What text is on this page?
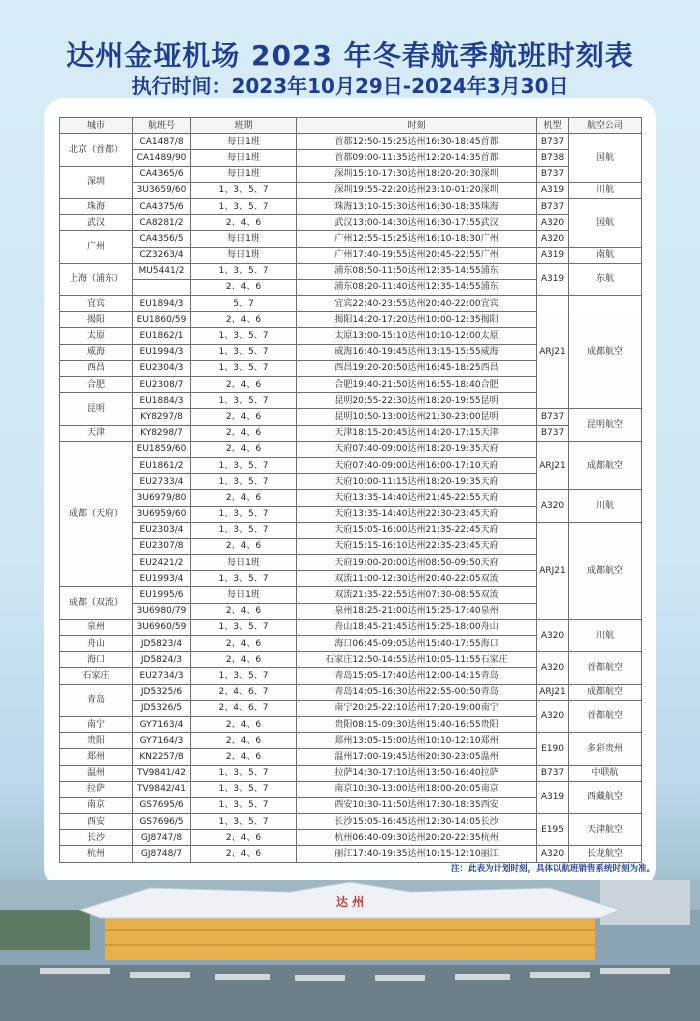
达州金垭机场 2023 年冬春航季航班时刻表
执行时间：2023年10月29日-2024年3月30日
城市	航班号	班期	时刻	机型	航空公司
北京（首都）	CA1487/8	每日1班	首都12:50-15:25达州16:30-18:45首都	B737	国航
	CA1489/90	每日1班	首都09:00-11:35达州12:20-14:35首都	B738	
深圳	CA4365/6	每日1班	深圳15:10-17:30达州18:20-20:30深圳	B737	
	3U3659/60	1、3、5、7	深圳19:55-22:20达州23:10-01:20深圳	A319	川航
珠海	CA4375/6	1、3、5、7	珠海13:10-15:30达州16:30-18:35珠海	B737	国航
武汉	CA8281/2	2、4、6	武汉13:00-14:30达州16:30-17:55武汉	A320	
广州	CA4356/5	每日1班	广州12:55-15:25达州16:10-18:30广州	A320	
	CZ3263/4	每日1班	广州17:40-19:55达州20:45-22:55广州	A319	南航
上海（浦东）	MU5441/2	1、3、5、7	浦东08:50-11:50达州12:35-14:55浦东	A319	东航
		2、4、6	浦东08:20-11:40达州12:35-14:55浦东		
宜宾	EU1894/3	5、7	宜宾22:40-23:55达州20:40-22:00宜宾	ARJ21	成都航空
揭阳	EU1860/59	2、4、6	揭阳14:20-17:20达州10:00-12:35揭阳		
太原	EU1862/1	1、3、5、7	太原13:00-15:10达州10:10-12:00太原		
威海	EU1994/3	1、3、5、7	威海16:40-19:45达州13:15-15:55威海		
西昌	EU2304/3	1、3、5、7	西昌19:20-20:50达州16:45-18:25西昌		
合肥	EU2308/7	2、4、6	合肥19:40-21:50达州16:55-18:40合肥		
昆明	EU1884/3	1、3、5、7	昆明20:55-22:30达州18:20-19:55昆明		
	KY8297/8	2、4、6	昆明10:50-13:00达州21:30-23:00昆明	B737	昆明航空
天津	KY8298/7	2、4、6	天津18:15-20:45达州14:20-17:15天津	B737	
成都（天府）	EU1859/60	2、4、6	天府07:40-09:00达州18:20-19:35天府	ARJ21	成都航空
	EU1861/2	1、3、5、7	天府07:40-09:00达州16:00-17:10天府		
	EU2733/4	1、3、5、7	天府10:00-11:15达州18:20-19:35天府		
	3U6979/80	2、4、6	天府13:35-14:40达州21:45-22:55天府	A320	川航
	3U6959/60	1、3、5、7	天府13:35-14:40达州22:30-23:45天府		
	EU2303/4	1、3、5、7	天府15:05-16:00达州21:35-22:45天府	ARJ21	成都航空
	EU2307/8	2、4、6	天府15:15-16:10达州22:35-23:45天府		
	EU2421/2	每日1班	天府19:00-20:00达州08:50-09:50天府		
	EU1993/4	1、3、5、7	双流11:00-12:30达州20:40-22:05双流		
成都（双流）	EU1995/6	每日1班	双流21:35-22:55达州07:30-08:55双流		
	3U6980/79	2、4、6	泉州18:25-21:00达州15:25-17:40泉州		
泉州	3U6960/59	1、3、5、7	舟山18:45-21:45达州15:25-18:00舟山	A320	川航
舟山	JD5823/4	2、4、6	海口06:45-09:05达州15:40-17:55海口		
海口	JD5824/3	2、4、6	石家庄12:50-14:55达州10:05-11:55石家庄	A320	首都航空
石家庄	EU2734/3	1、3、5、7	青岛15:05-17:40达州12:00-14:15青岛		
青岛	JD5325/6	2、4、6、7	青岛14:05-16:30达州22:55-00:50青岛	ARJ21	成都航空
	JD5326/5	2、4、6、7	南宁20:25-22:10达州17:20-19:00南宁	A320	首都航空
南宁	GY7163/4	2、4、6	贵阳08:15-09:30达州15:40-16:55贵阳		
贵阳	GY7164/3	2、4、6	郑州13:05-15:00达州10:10-12:10郑州	E190	多彩贵州
郑州	KN2257/8	2、4、6	温州17:00-19:45达州20:30-23:05温州		
温州	TV9841/42	1、3、5、7	拉萨14:30-17:10达州13:50-16:40拉萨	B737	中联航
拉萨	TV9842/41	1、3、5、7	南京10:30-13:00达州18:00-20:05南京	A319	西藏航空
南京	GS7695/6	1、3、5、7	西安10:30-11:50达州17:30-18:35西安		
西安	GS7696/5	1、3、5、7	长沙15:05-16:45达州12:30-14:05长沙	E195	天津航空
长沙	GJ8747/8	2、4、6	杭州06:40-09:30达州20:20-22:35杭州		
杭州	GJ8748/7	2、4、6	丽江17:40-19:35达州10:15-12:10丽江	A320	长龙航空
注：此表为计划时刻，具体以航班销售系统时刻为准。
达 州
